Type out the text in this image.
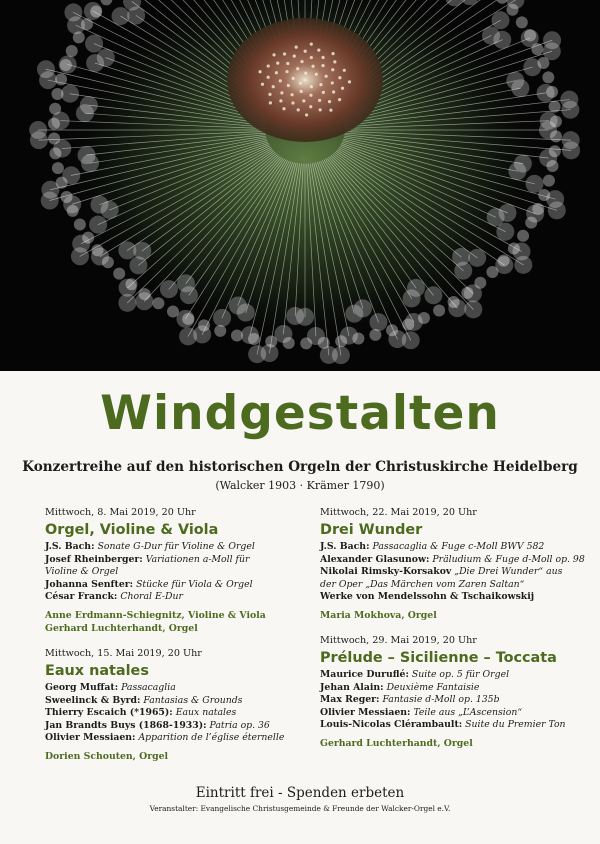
Windgestalten
Konzertreihe auf den historischen Orgeln der Christuskirche Heidelberg
(Walcker 1903 · Krämer 1790)
Mittwoch, 8. Mai 2019, 20 Uhr
Orgel, Violine & Viola
J.S. Bach: Sonate G-Dur für Violine & Orgel
Josef Rheinberger: Variationen a-Moll für
Violine & Orgel
Johanna Senfter: Stücke für Viola & Orgel
César Franck: Choral E-Dur
Anne Erdmann-Schiegnitz, Violine & Viola
Gerhard Luchterhandt, Orgel
Mittwoch, 22. Mai 2019, 20 Uhr
Drei Wunder
J.S. Bach: Passacaglia & Fuge c-Moll BWV 582
Alexander Glasunow: Präludium & Fuge d-Moll op. 98
Nikolai Rimsky-Korsakov „Die Drei Wunder“ aus
der Oper „Das Märchen vom Zaren Saltan“
Werke von Mendelssohn & Tschaikowskij
Maria Mokhova, Orgel
Mittwoch, 15. Mai 2019, 20 Uhr
Eaux natales
Georg Muffat: Passacaglia
Sweelinck & Byrd: Fantasias & Grounds
Thierry Escaich (*1965): Eaux natales
Jan Brandts Buys (1868-1933): Patria op. 36
Olivier Messiaen: Apparition de l’église éternelle
Dorien Schouten, Orgel
Mittwoch, 29. Mai 2019, 20 Uhr
Prélude – Sicilienne – Toccata
Maurice Duruflé: Suite op. 5 für Orgel
Jehan Alain: Deuxième Fantaisie
Max Reger: Fantasie d-Moll op. 135b
Olivier Messiaen: Teile aus „L’Ascension“
Louis-Nicolas Clérambault: Suite du Premier Ton
Gerhard Luchterhandt, Orgel
Eintritt frei - Spenden erbeten
Veranstalter: Evangelische Christusgemeinde & Freunde der Walcker-Orgel e.V.
